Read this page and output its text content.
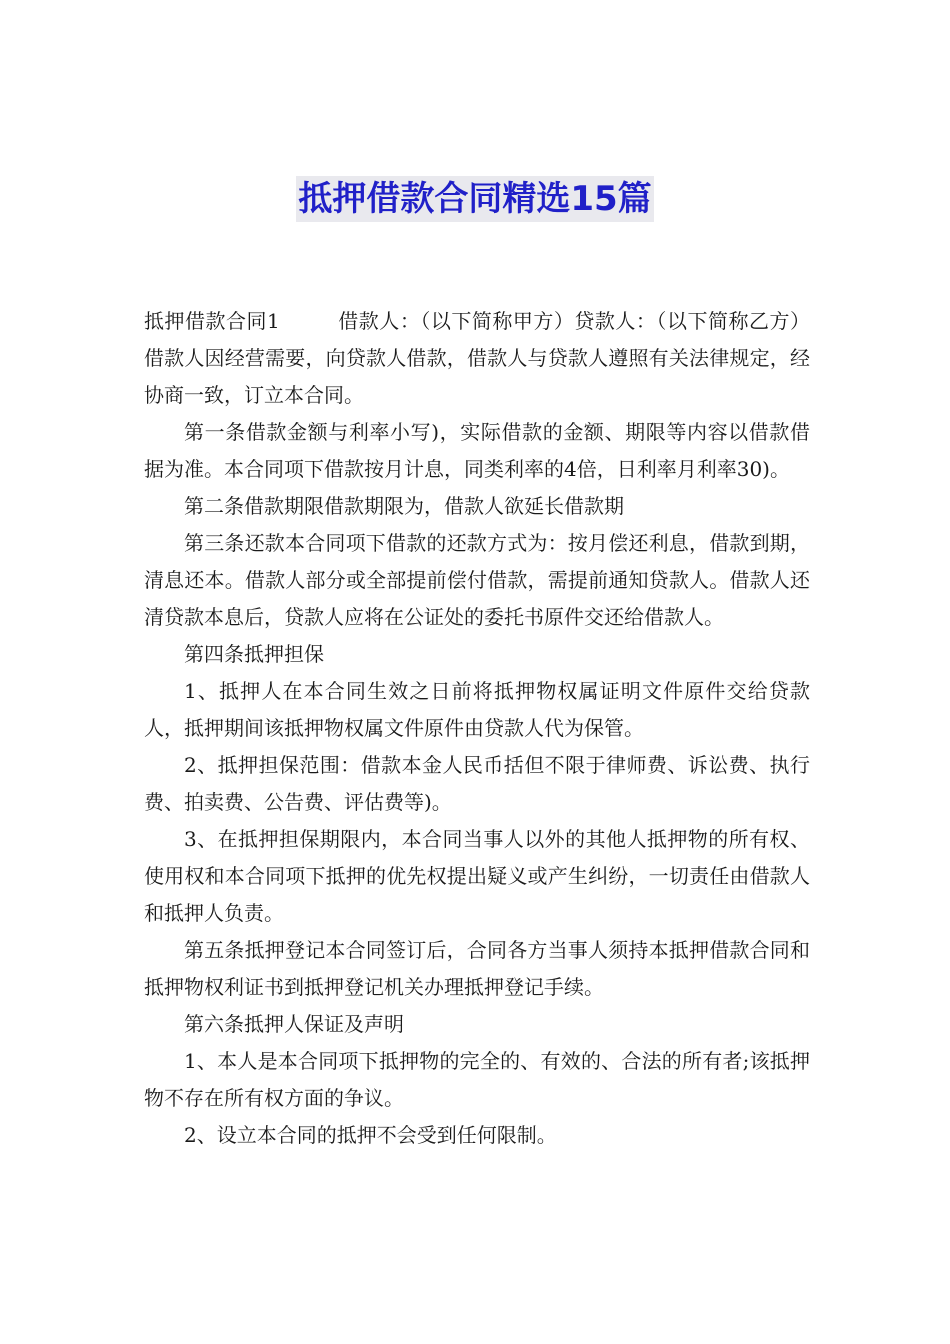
抵押借款合同精选15篇

抵押借款合同1	借款人：（以下简称甲方）贷款人：（以下简称乙方）借款人因经营需要，向贷款人借款，借款人与贷款人遵照有关法律规定，经协商一致，订立本合同。

第一条借款金额与利率小写)，实际借款的金额、期限等内容以借款借据为准。本合同项下借款按月计息，同类利率的4倍，日利率月利率30)。

第二条借款期限借款期限为，借款人欲延长借款期

第三条还款本合同项下借款的还款方式为：按月偿还利息，借款到期，清息还本。借款人部分或全部提前偿付借款，需提前通知贷款人。借款人还清贷款本息后，贷款人应将在公证处的委托书原件交还给借款人。

第四条抵押担保

1、抵押人在本合同生效之日前将抵押物权属证明文件原件交给贷款人，抵押期间该抵押物权属文件原件由贷款人代为保管。

2、抵押担保范围：借款本金人民币括但不限于律师费、诉讼费、执行费、拍卖费、公告费、评估费等)。

3、在抵押担保期限内，本合同当事人以外的其他人抵押物的所有权、使用权和本合同项下抵押的优先权提出疑义或产生纠纷，一切责任由借款人和抵押人负责。

第五条抵押登记本合同签订后，合同各方当事人须持本抵押借款合同和抵押物权利证书到抵押登记机关办理抵押登记手续。

第六条抵押人保证及声明

1、本人是本合同项下抵押物的完全的、有效的、合法的所有者;该抵押物不存在所有权方面的争议。

2、设立本合同的抵押不会受到任何限制。
